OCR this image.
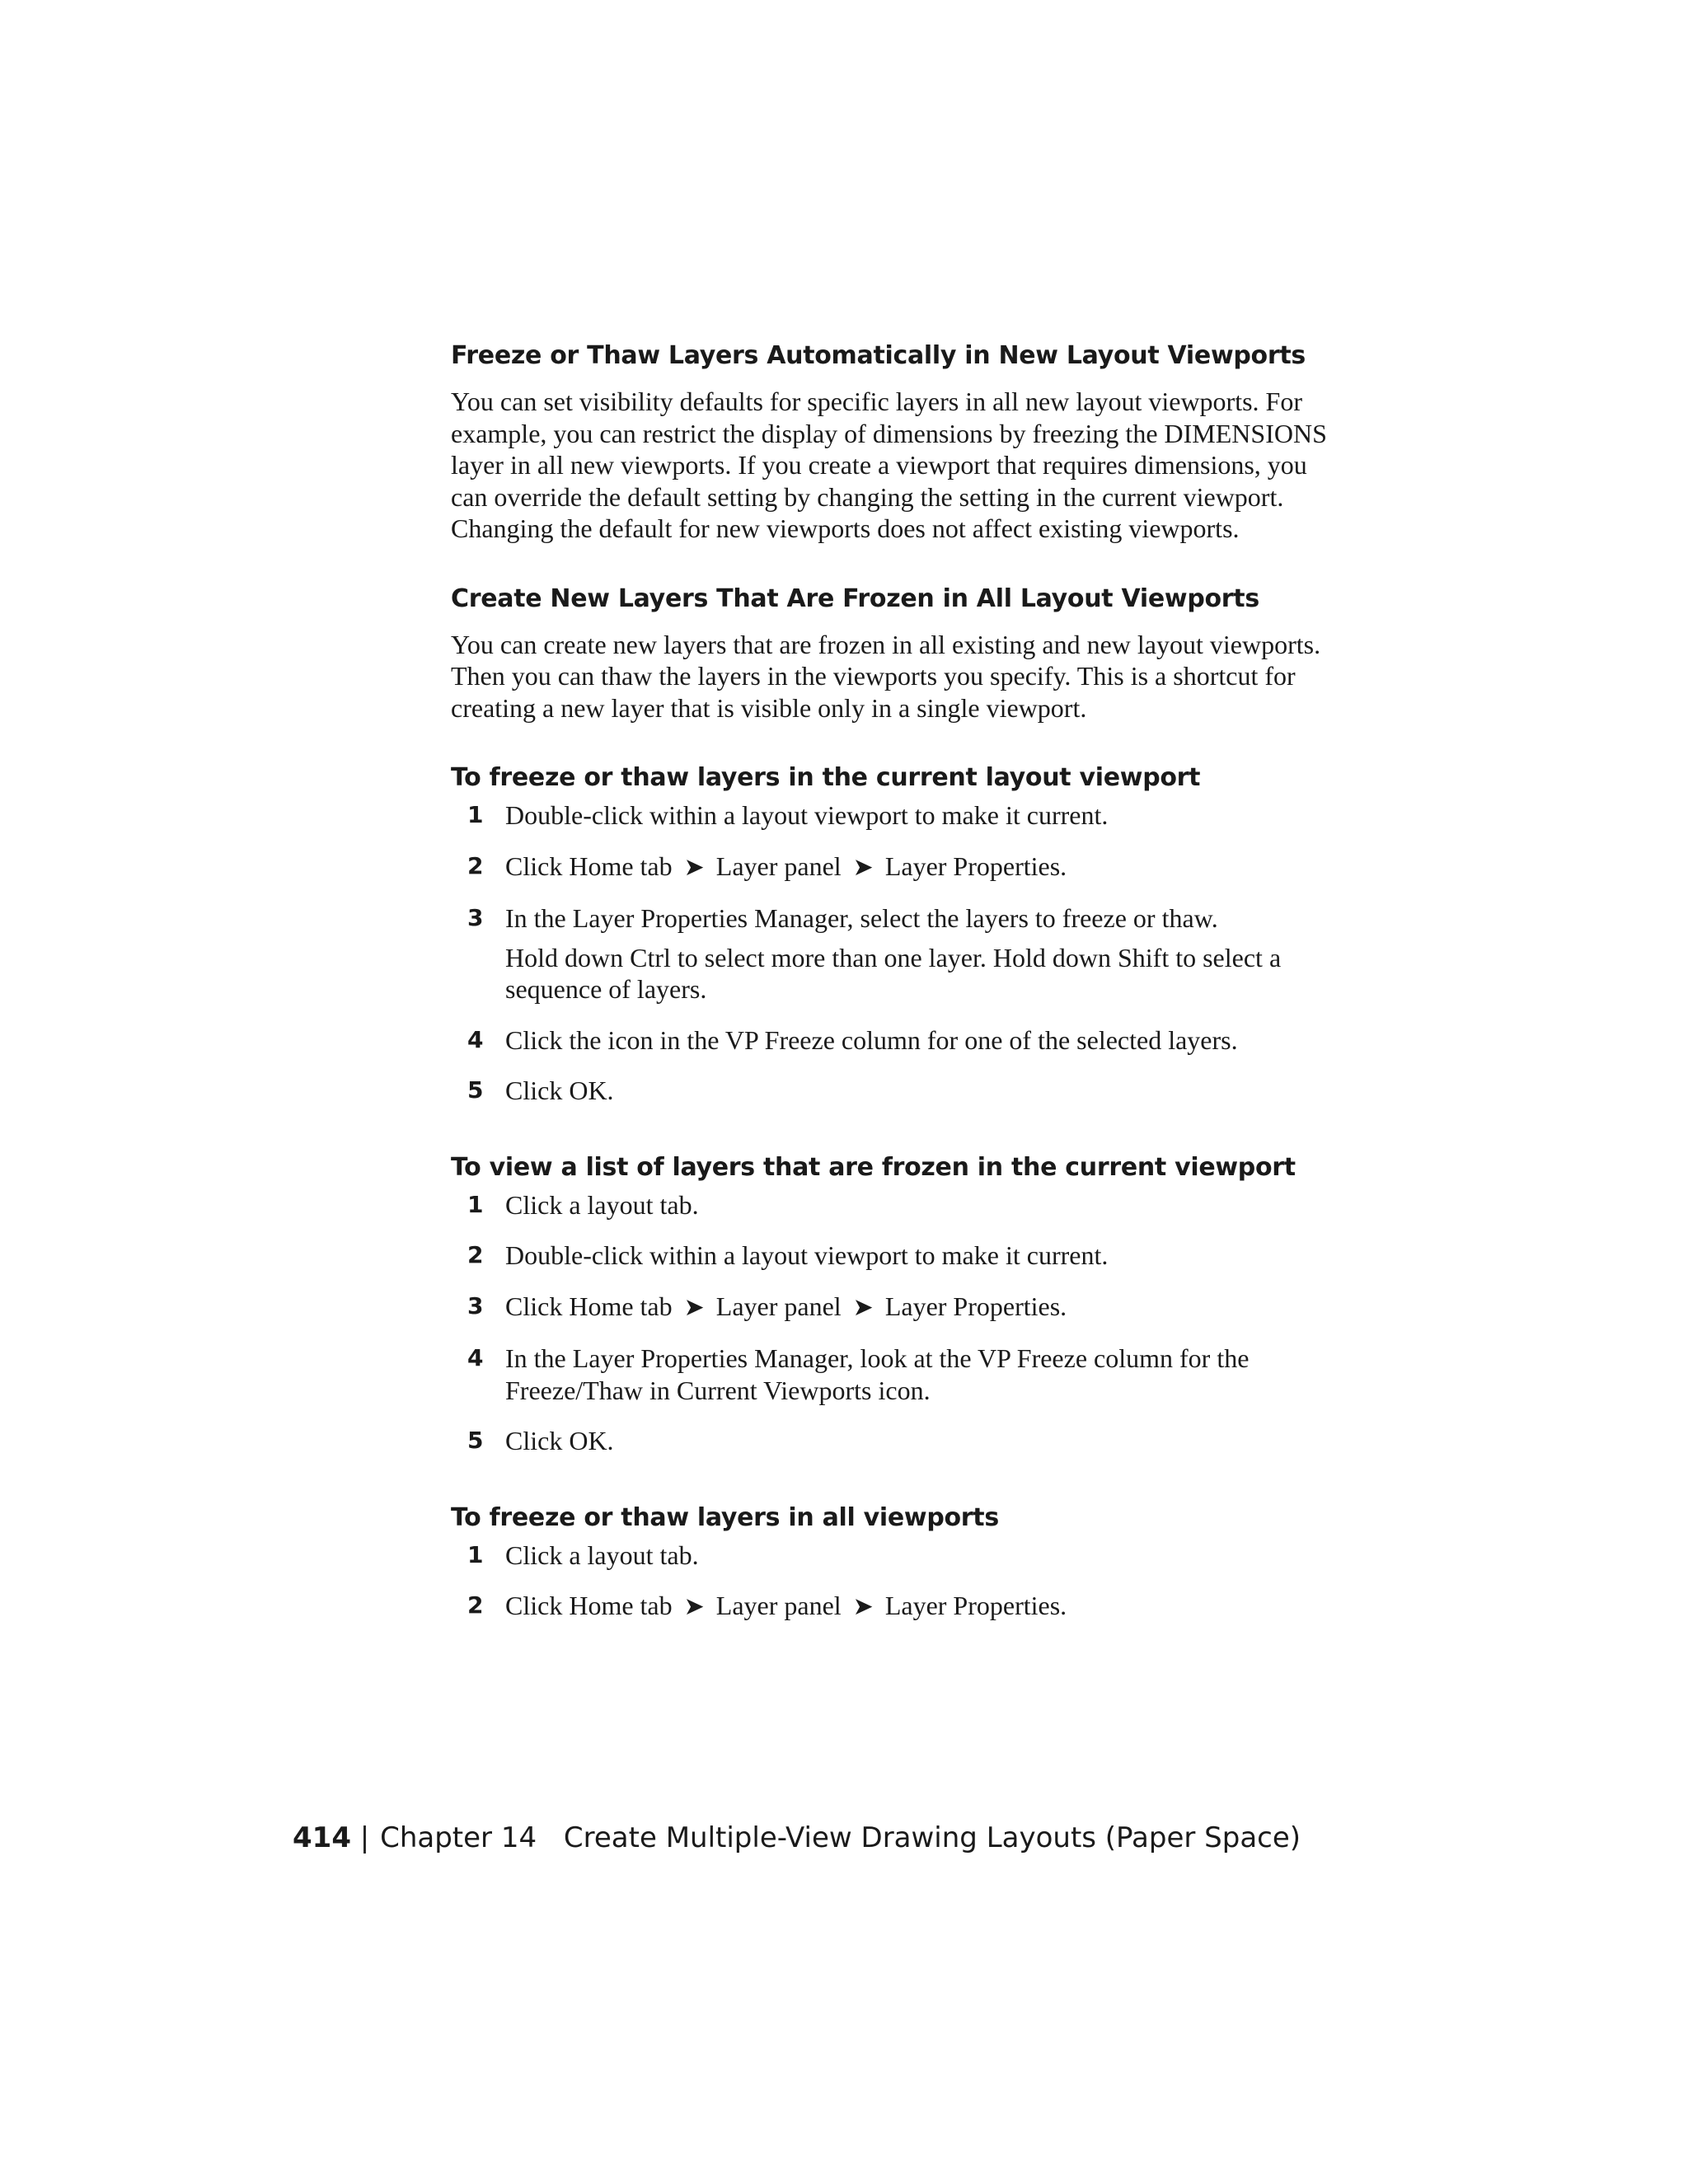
Freeze or Thaw Layers Automatically in New Layout Viewports

You can set visibility defaults for specific layers in all new layout viewports. For example, you can restrict the display of dimensions by freezing the DIMENSIONS layer in all new viewports. If you create a viewport that requires dimensions, you can override the default setting by changing the setting in the current viewport. Changing the default for new viewports does not affect existing viewports.

Create New Layers That Are Frozen in All Layout Viewports

You can create new layers that are frozen in all existing and new layout viewports. Then you can thaw the layers in the viewports you specify. This is a shortcut for creating a new layer that is visible only in a single viewport.

To freeze or thaw layers in the current layout viewport
1 Double-click within a layout viewport to make it current.
2 Click Home tab ➤ Layer panel ➤ Layer Properties.
3 In the Layer Properties Manager, select the layers to freeze or thaw.
Hold down Ctrl to select more than one layer. Hold down Shift to select a sequence of layers.
4 Click the icon in the VP Freeze column for one of the selected layers.
5 Click OK.
To view a list of layers that are frozen in the current viewport
1 Click a layout tab.
2 Double-click within a layout viewport to make it current.
3 Click Home tab ➤ Layer panel ➤ Layer Properties.
4 In the Layer Properties Manager, look at the VP Freeze column for the Freeze/Thaw in Current Viewports icon.
5 Click OK.
To freeze or thaw layers in all viewports
1 Click a layout tab.
2 Click Home tab ➤ Layer panel ➤ Layer Properties.
414 | Chapter 14 Create Multiple-View Drawing Layouts (Paper Space)
